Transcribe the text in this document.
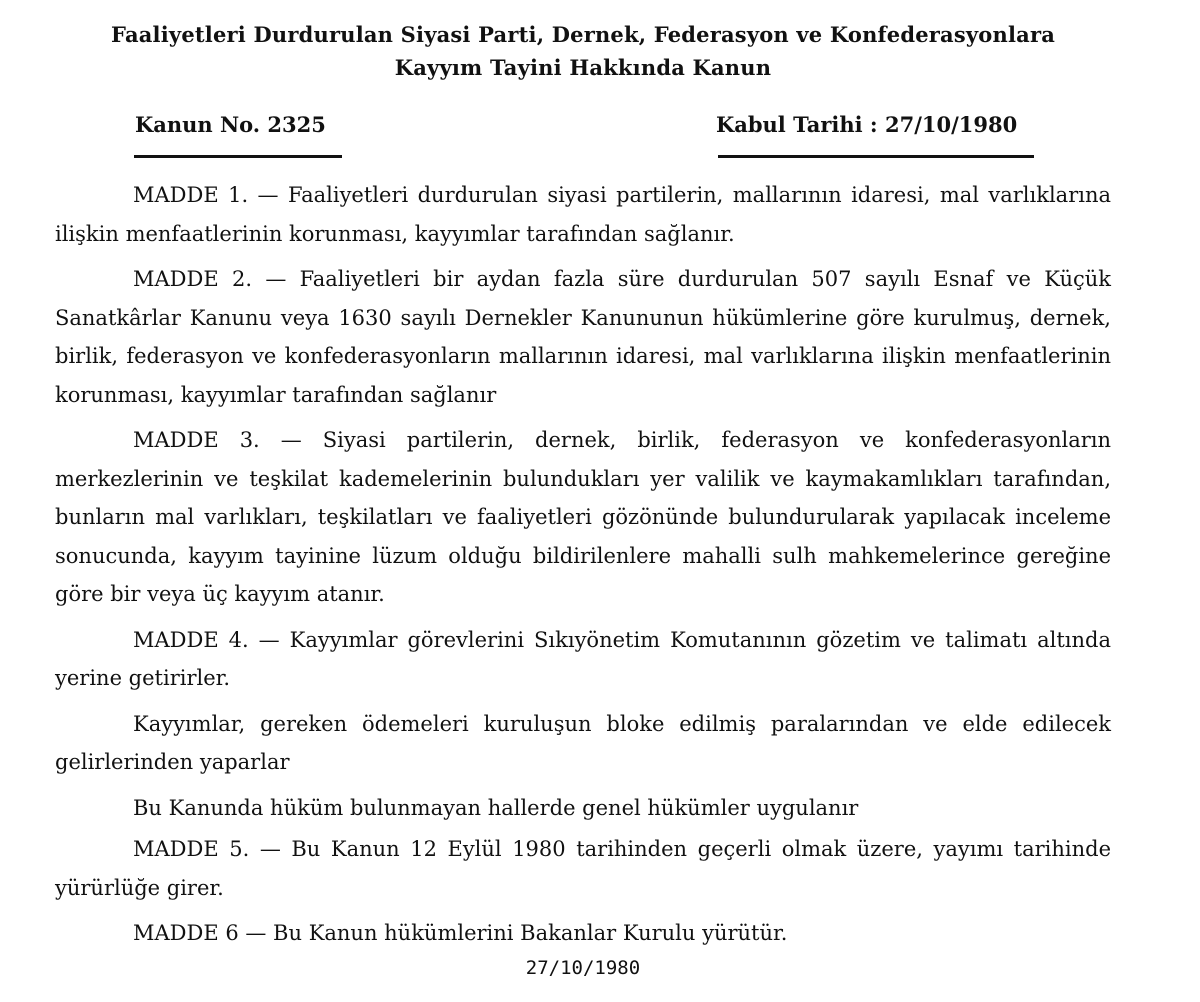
Faaliyetleri Durdurulan Siyasi Parti, Dernek, Federasyon ve Konfederasyonlara
Kayyım Tayini Hakkında Kanun
Kanun No. 2325	Kabul Tarihi : 27/10/1980

MADDE 1. — Faaliyetleri durdurulan siyasi partilerin, mallarının idaresi, mal varlıklarına ilişkin menfaatlerinin korunması, kayyımlar tarafından sağlanır.

MADDE 2. — Faaliyetleri bir aydan fazla süre durdurulan 507 sayılı Esnaf ve Küçük Sanatkârlar Kanunu veya 1630 sayılı Dernekler Kanununun hükümlerine göre kurulmuş, dernek, birlik, federasyon ve konfederasyonların mallarının idaresi, mal varlıklarına ilişkin menfaatlerinin korunması, kayyımlar tarafından sağlanır

MADDE 3. — Siyasi partilerin, dernek, birlik, federasyon ve konfederasyonların merkezlerinin ve teşkilat kademelerinin bulundukları yer valilik ve kaymakamlıkları tarafından, bunların mal varlıkları, teşkilatları ve faaliyetleri gözönünde bulundurularak yapılacak inceleme sonucunda, kayyım tayinine lüzum olduğu bildirilenlere mahalli sulh mahkemelerince gereğine göre bir veya üç kayyım atanır.

MADDE 4. — Kayyımlar görevlerini Sıkıyönetim Komutanının gözetim ve talimatı altında yerine getirirler.

Kayyımlar, gereken ödemeleri kuruluşun bloke edilmiş paralarından ve elde edilecek gelirlerinden yaparlar

Bu Kanunda hüküm bulunmayan hallerde genel hükümler uygulanır

MADDE 5. — Bu Kanun 12 Eylül 1980 tarihinden geçerli olmak üzere, yayımı tarihinde yürürlüğe girer.

MADDE 6 — Bu Kanun hükümlerini Bakanlar Kurulu yürütür.

27/10/1980
